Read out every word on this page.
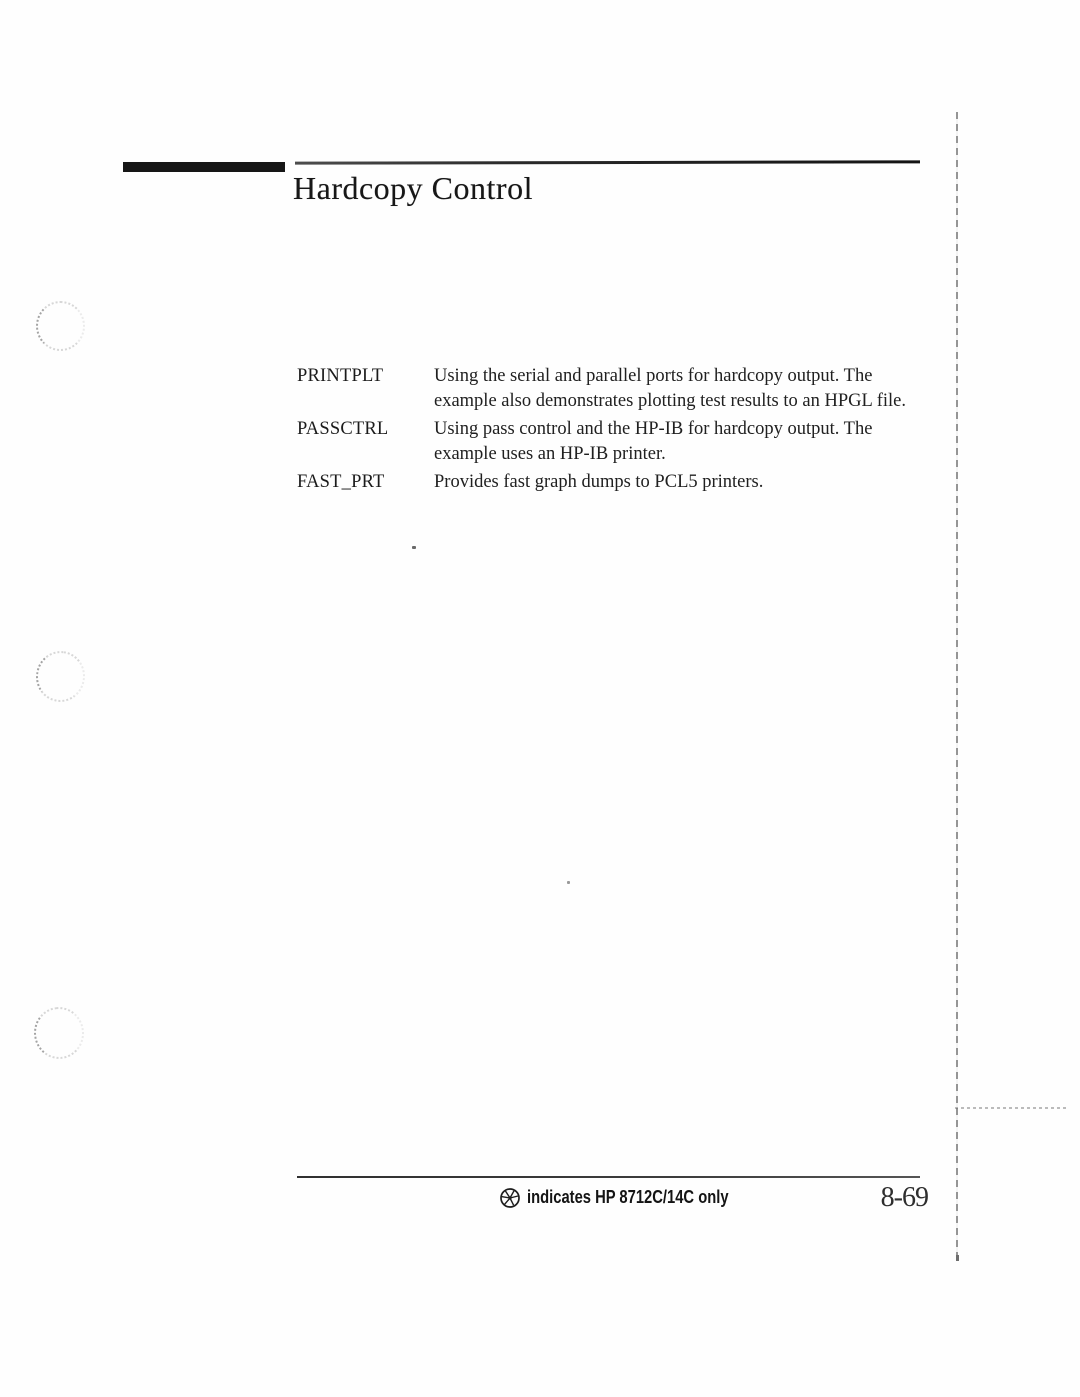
Hardcopy Control
PRINTPLT	Using the serial and parallel ports for hardcopy output. The example also demonstrates plotting test results to an HPGL file.
PASSCTRL	Using pass control and the HP-IB for hardcopy output. The example uses an HP-IB printer.
FAST_PRT	Provides fast graph dumps to PCL5 printers.
indicates HP 8712C/14C only	8-69
